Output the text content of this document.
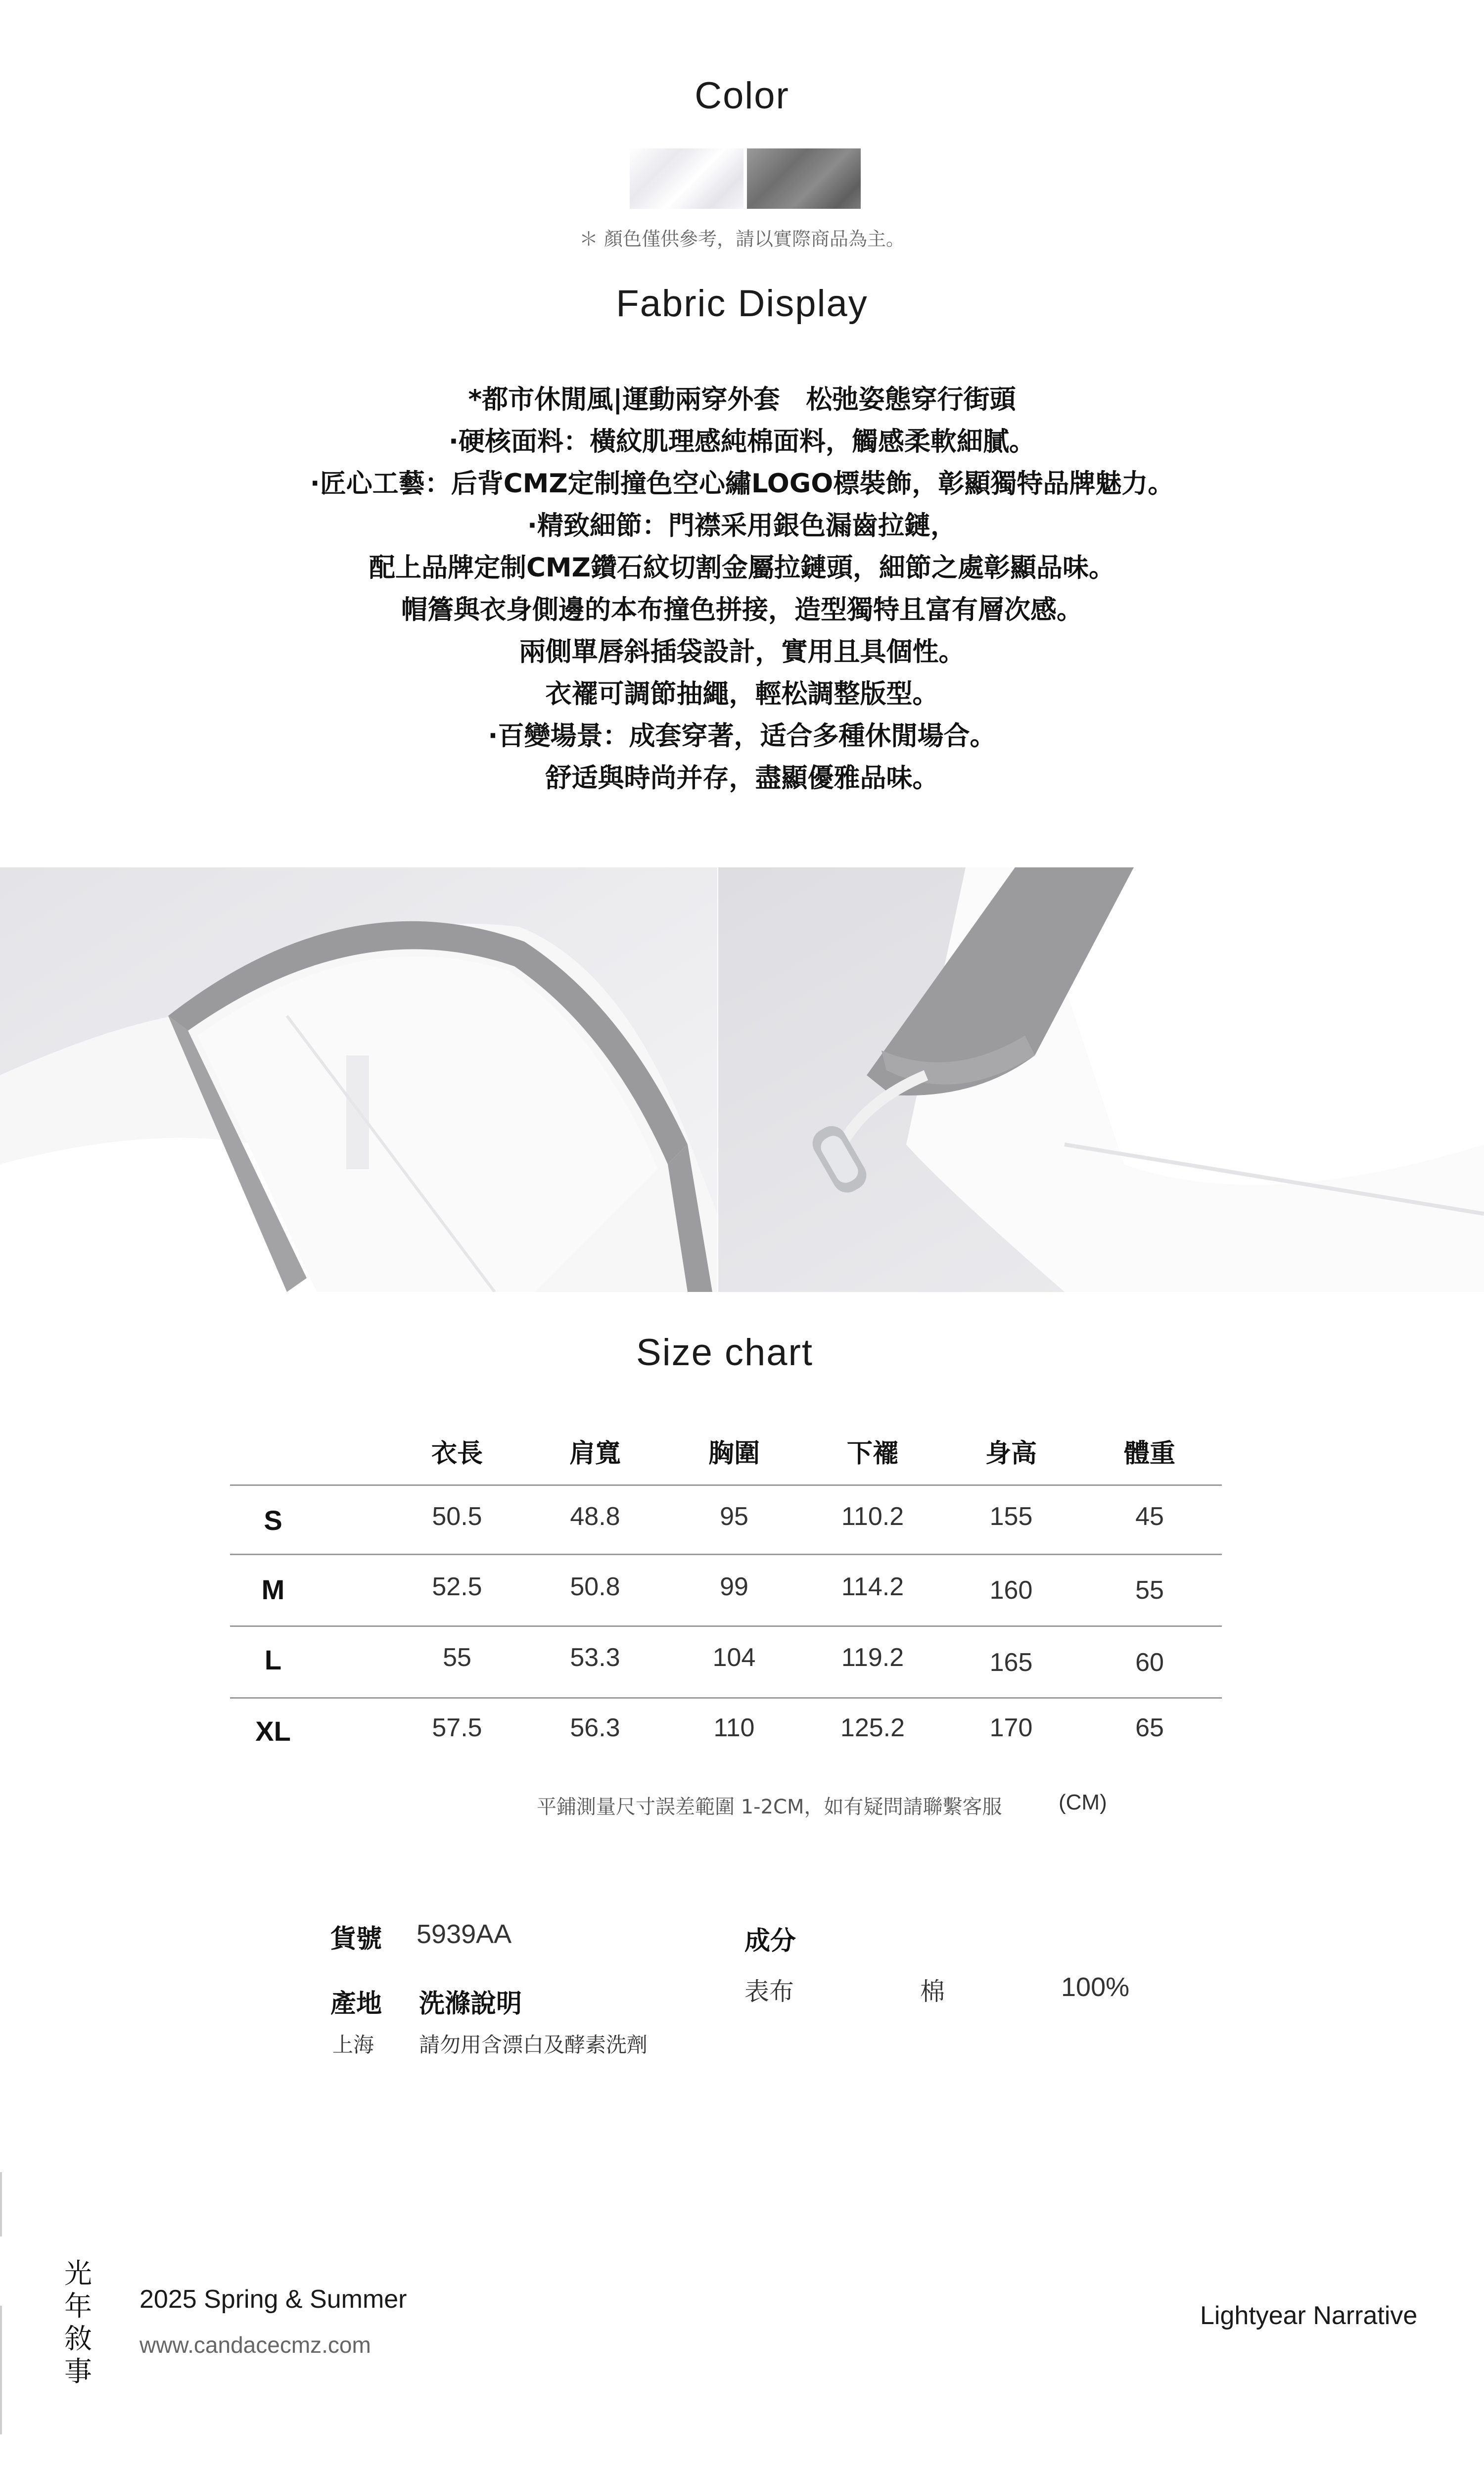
Color
＊ 顏色僅供參考，請以實際商品為主。
Fabric Display
*都市休閒風|運動兩穿外套　松弛姿態穿行街頭
·硬核面料：橫紋肌理感純棉面料，觸感柔軟細膩。
·匠心工藝：后背CMZ定制撞色空心繡LOGO標裝飾，彰顯獨特品牌魅力。
·精致細節：門襟采用銀色漏齒拉鏈，
配上品牌定制CMZ鑽石紋切割金屬拉鏈頭，細節之處彰顯品味。
帽簷與衣身側邊的本布撞色拼接，造型獨特且富有層次感。
兩側單唇斜插袋設計，實用且具個性。
衣襬可調節抽繩，輕松調整版型。
·百變場景：成套穿著，适合多種休閒場合。
舒适與時尚并存，盡顯優雅品味。
Size chart
衣長	肩寬	胸圍	下襬	身高	體重
S	50.5	48.8	95	110.2	155	45
M	52.5	50.8	99	114.2	160	55
L	55	53.3	104	119.2	165	60
XL	57.5	56.3	110	125.2	170	65
平鋪測量尺寸誤差範圍 1-2CM，如有疑問請聯繫客服	(CM)
貨號 5939AA
產地 洗滌說明
上海 請勿用含漂白及酵素洗劑
成分
表布	棉	100%
光
年
敘
事
2025 Spring & Summer
www.candacecmz.com
Lightyear Narrative
